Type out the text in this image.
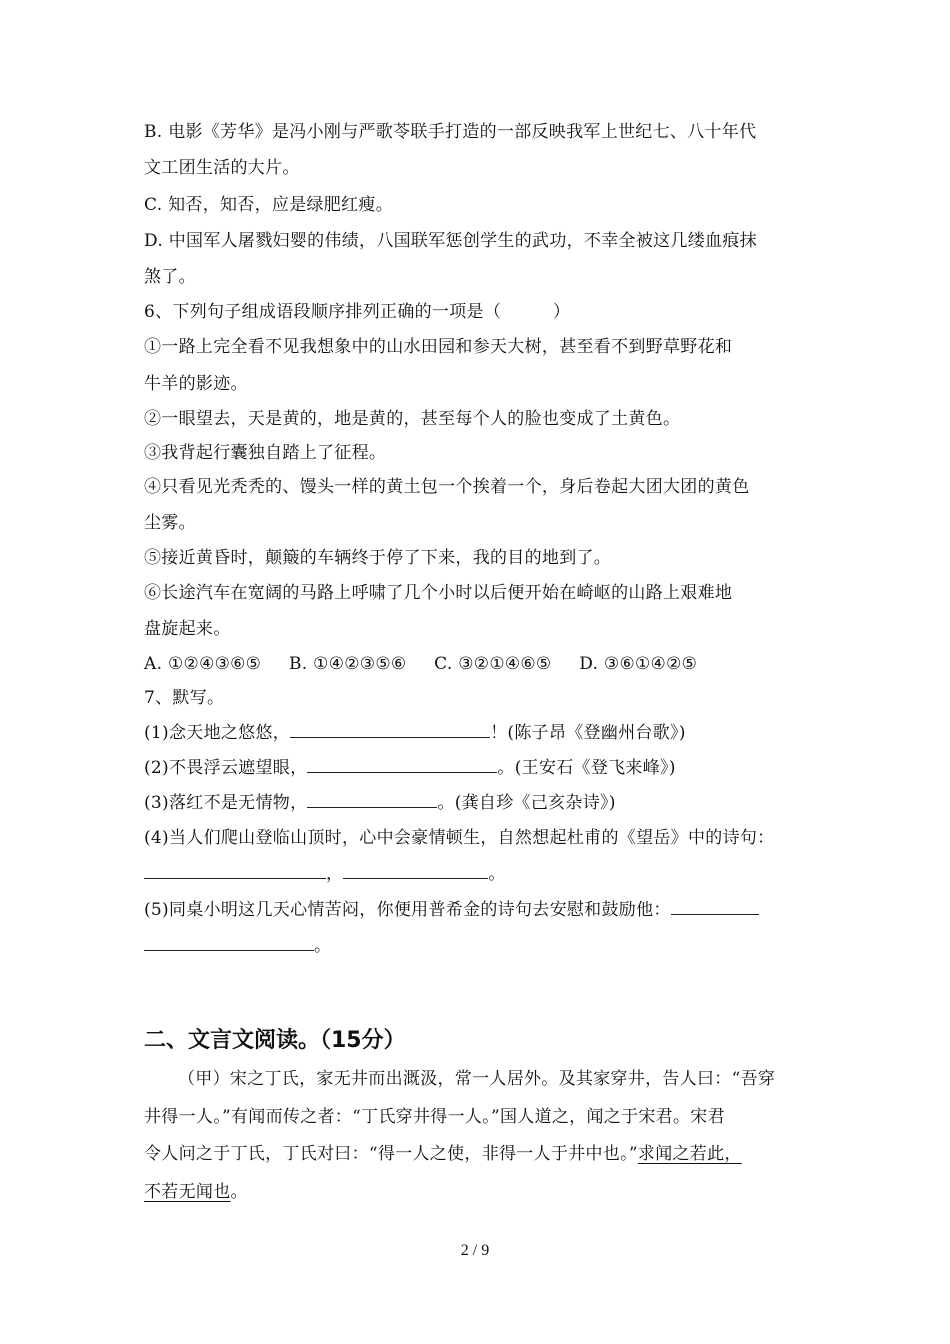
B. 电影《芳华》是冯小刚与严歌苓联手打造的一部反映我军上世纪七、八十年代
文工团生活的大片。
C. 知否，知否，应是绿肥红瘦。
D. 中国军人屠戮妇婴的伟绩，八国联军惩创学生的武功，不幸全被这几缕血痕抹
煞了。
6、下列句子组成语段顺序排列正确的一项是（　　　）
①一路上完全看不见我想象中的山水田园和参天大树，甚至看不到野草野花和
牛羊的影迹。
②一眼望去，天是黄的，地是黄的，甚至每个人的脸也变成了土黄色。
③我背起行囊独自踏上了征程。
④只看见光秃秃的、馒头一样的黄土包一个挨着一个，身后卷起大团大团的黄色
尘雾。
⑤接近黄昏时，颠簸的车辆终于停了下来，我的目的地到了。
⑥长途汽车在宽阔的马路上呼啸了几个小时以后便开始在崎岖的山路上艰难地
盘旋起来。
A. ①②④③⑥⑤ B. ①④②③⑤⑥ C. ③②①④⑥⑤ D. ③⑥①④②⑤
7、默写。
(1)念天地之悠悠，	！(陈子昂《登幽州台歌》)
(2)不畏浮云遮望眼，	。(王安石《登飞来峰》)
(3)落红不是无情物，	。(龚自珍《己亥杂诗》)
(4)当人们爬山登临山顶时，心中会豪情顿生，自然想起杜甫的《望岳》中的诗句：
，	。
(5)同桌小明这几天心情苦闷，你便用普希金的诗句去安慰和鼓励他：
。
二、文言文阅读。（15分）
（甲）宋之丁氏，家无井而出溉汲，常一人居外。及其家穿井，告人曰：“吾穿
井得一人。”有闻而传之者：“丁氏穿井得一人。”国人道之，闻之于宋君。宋君
令人问之于丁氏，丁氏对曰：“得一人之使，非得一人于井中也。”求闻之若此，
不若无闻也。
2 / 9
